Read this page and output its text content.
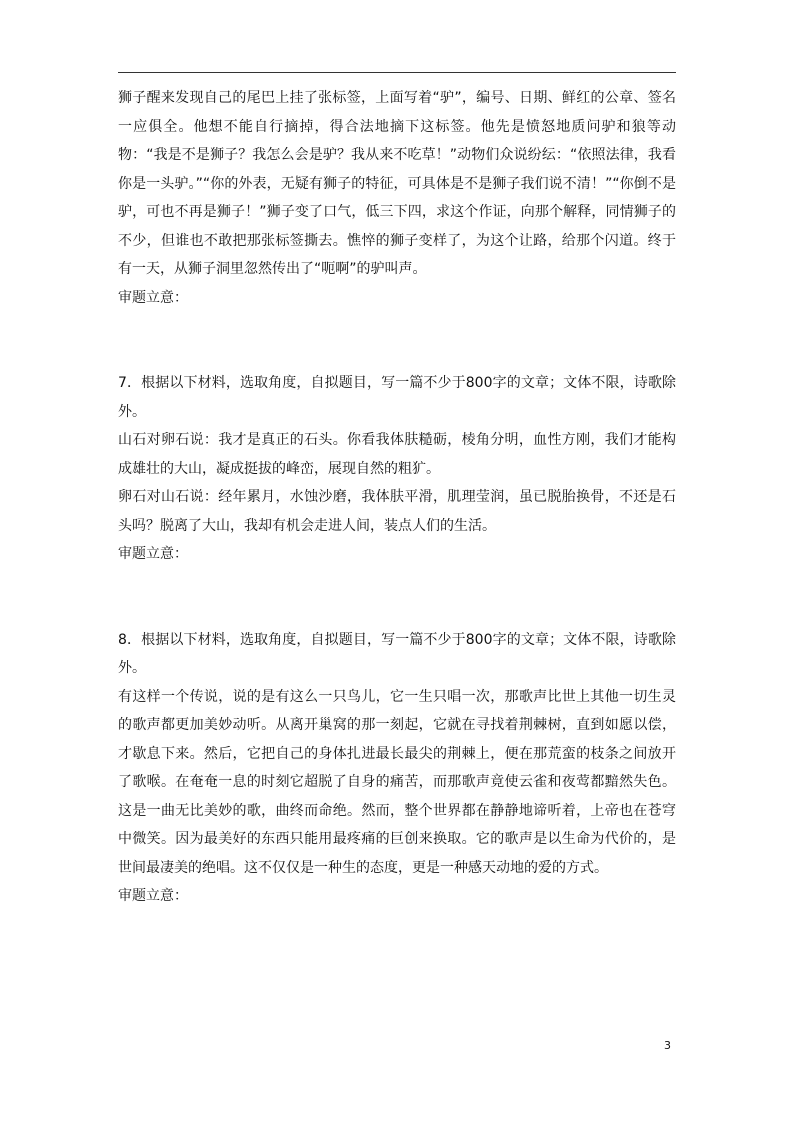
狮子醒来发现自己的尾巴上挂了张标签，上面写着“驴”，编号、日期、鲜红的公章、签名一应俱全。他想不能自行摘掉，得合法地摘下这标签。他先是愤怒地质问驴和狼等动物：“我是不是狮子？我怎么会是驴？我从来不吃草！”动物们众说纷纭：“依照法律，我看你是一头驴。”“你的外表，无疑有狮子的特征，可具体是不是狮子我们说不清！”“你倒不是驴，可也不再是狮子！”狮子变了口气，低三下四，求这个作证，向那个解释，同情狮子的不少，但谁也不敢把那张标签撕去。憔悴的狮子变样了，为这个让路，给那个闪道。终于有一天，从狮子洞里忽然传出了“呃啊”的驴叫声。

审题立意：

7．根据以下材料，选取角度，自拟题目，写一篇不少于800字的文章；文体不限，诗歌除外。

山石对卵石说：我才是真正的石头。你看我体肤糙砺，棱角分明，血性方刚，我们才能构成雄壮的大山，凝成挺拔的峰峦，展现自然的粗犷。

卵石对山石说：经年累月，水蚀沙磨，我体肤平滑，肌理莹润，虽已脱胎换骨，不还是石头吗？脱离了大山，我却有机会走进人间，装点人们的生活。

审题立意：

8．根据以下材料，选取角度，自拟题目，写一篇不少于800字的文章；文体不限，诗歌除外。

有这样一个传说，说的是有这么一只鸟儿，它一生只唱一次，那歌声比世上其他一切生灵的歌声都更加美妙动听。从离开巢窝的那一刻起，它就在寻找着荆棘树，直到如愿以偿，才歇息下来。然后，它把自己的身体扎进最长最尖的荆棘上，便在那荒蛮的枝条之间放开了歌喉。在奄奄一息的时刻它超脱了自身的痛苦，而那歌声竟使云雀和夜莺都黯然失色。这是一曲无比美妙的歌，曲终而命绝。然而，整个世界都在静静地谛听着，上帝也在苍穹中微笑。因为最美好的东西只能用最疼痛的巨创来换取。它的歌声是以生命为代价的，是世间最凄美的绝唱。这不仅仅是一种生的态度，更是一种感天动地的爱的方式。

审题立意：

3
